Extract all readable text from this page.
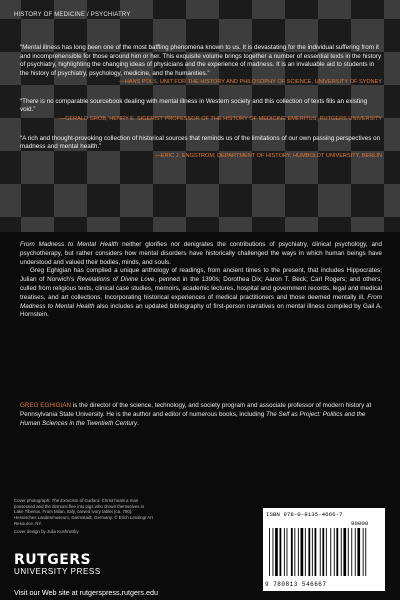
HISTORY OF MEDICINE / PSYCHIATRY

“Mental illness has long been one of the most baffling phenomena known to us. It is devastating for the individual suffering from it and incomprehensible for those around him or her. This exquisite volume brings together a number of essential texts in the history of psychiatry, highlighting the changing ideas of physicians and the experience of madness. It is an invaluable aid to students in the history of psychiatry, psychology, medicine, and the humanities.”

—HANS POLS, UNIT FOR THE HISTORY AND PHILOSOPHY OF SCIENCE, UNIVERSITY OF SYDNEY

“There is no comparable sourcebook dealing with mental illness in Western society and this collection of texts fills an existing void.”

—GERALD GROB, HENRY E. SIGERIST PROFESSOR OF THE HISTORY OF MEDICINE EMERITUS, RUTGERS UNIVERSITY

“A rich and thought-provoking collection of historical sources that reminds us of the limitations of our own passing perspectives on madness and mental health.”

—ERIC J. ENGSTROM, DEPARTMENT OF HISTORY, HUMBOLDT UNIVERSITY, BERLIN

From Madness to Mental Health neither glorifies nor denigrates the contributions of psychiatry, clinical psychology, and psychotherapy, but rather considers how mental disorders have historically challenged the ways in which human beings have understood and valued their bodies, minds, and souls.

Greg Eghigian has compiled a unique anthology of readings, from ancient times to the present, that includes Hippocrates; Julian of Norwich’s Revelations of Divine Love, penned in the 1390s; Dorothea Dix; Aaron T. Beck; Carl Rogers; and others, culled from religious texts, clinical case studies, memoirs, academic lectures, hospital and government records, legal and medical treatises, and art collections. Incorporating historical experiences of medical practitioners and those deemed mentally ill, From Madness to Mental Health also includes an updated bibliography of first-person narratives on mental illness compiled by Gail A. Hornstein.

GREG EGHIGIAN is the director of the science, technology, and society program and associate professor of modern history at Pennsylvania State University. He is the author and editor of numerous books, including The Self as Project: Politics and the Human Sciences in the Twentieth Century.

Cover photograph: The Exorcism of Gadara: Christ heals a man possessed and the demons flee into pigs who drown themselves in Lake Tiberius. From Milan, Italy, carved ivory tablet (ca. 790). Hessisches Landesmuseum, Darmstadt, Germany. © Erich Lessing/ Art Resource, NY.

Cover design by Julia Kushnirsky

RUTGERS
UNIVERSITY PRESS
Visit our Web site at rutgerspress.rutgers.edu
ISBN 978-0-8135-4666-7
90000
9 780813 546667
